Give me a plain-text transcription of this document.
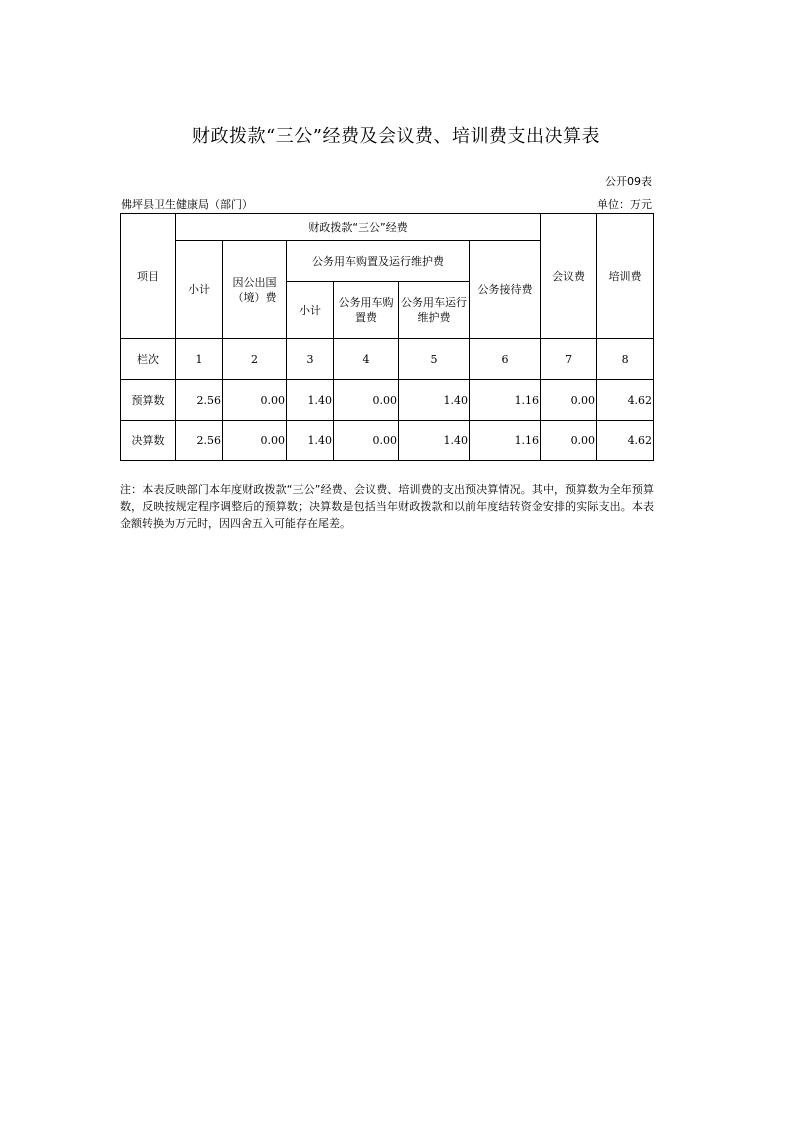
财政拨款“三公”经费及会议费、培训费支出决算表
公开09表
佛坪县卫生健康局（部门）	单位：万元
项目	财政拨款“三公”经费						会议费	培训费
	小计	因公出国（境）费	公务用车购置及运行维护费			公务接待费		
			小计	公务用车购置费	公务用车运行维护费			
栏次	1	2	3	4	5	6	7	8
预算数	2.56	0.00	1.40	0.00	1.40	1.16	0.00	4.62
决算数	2.56	0.00	1.40	0.00	1.40	1.16	0.00	4.62
注：本表反映部门本年度财政拨款“三公”经费、会议费、培训费的支出预决算情况。其中，预算数为全年预算数，反映按规定程序调整后的预算数；决算数是包括当年财政拨款和以前年度结转资金安排的实际支出。本表金额转换为万元时，因四舍五入可能存在尾差。
